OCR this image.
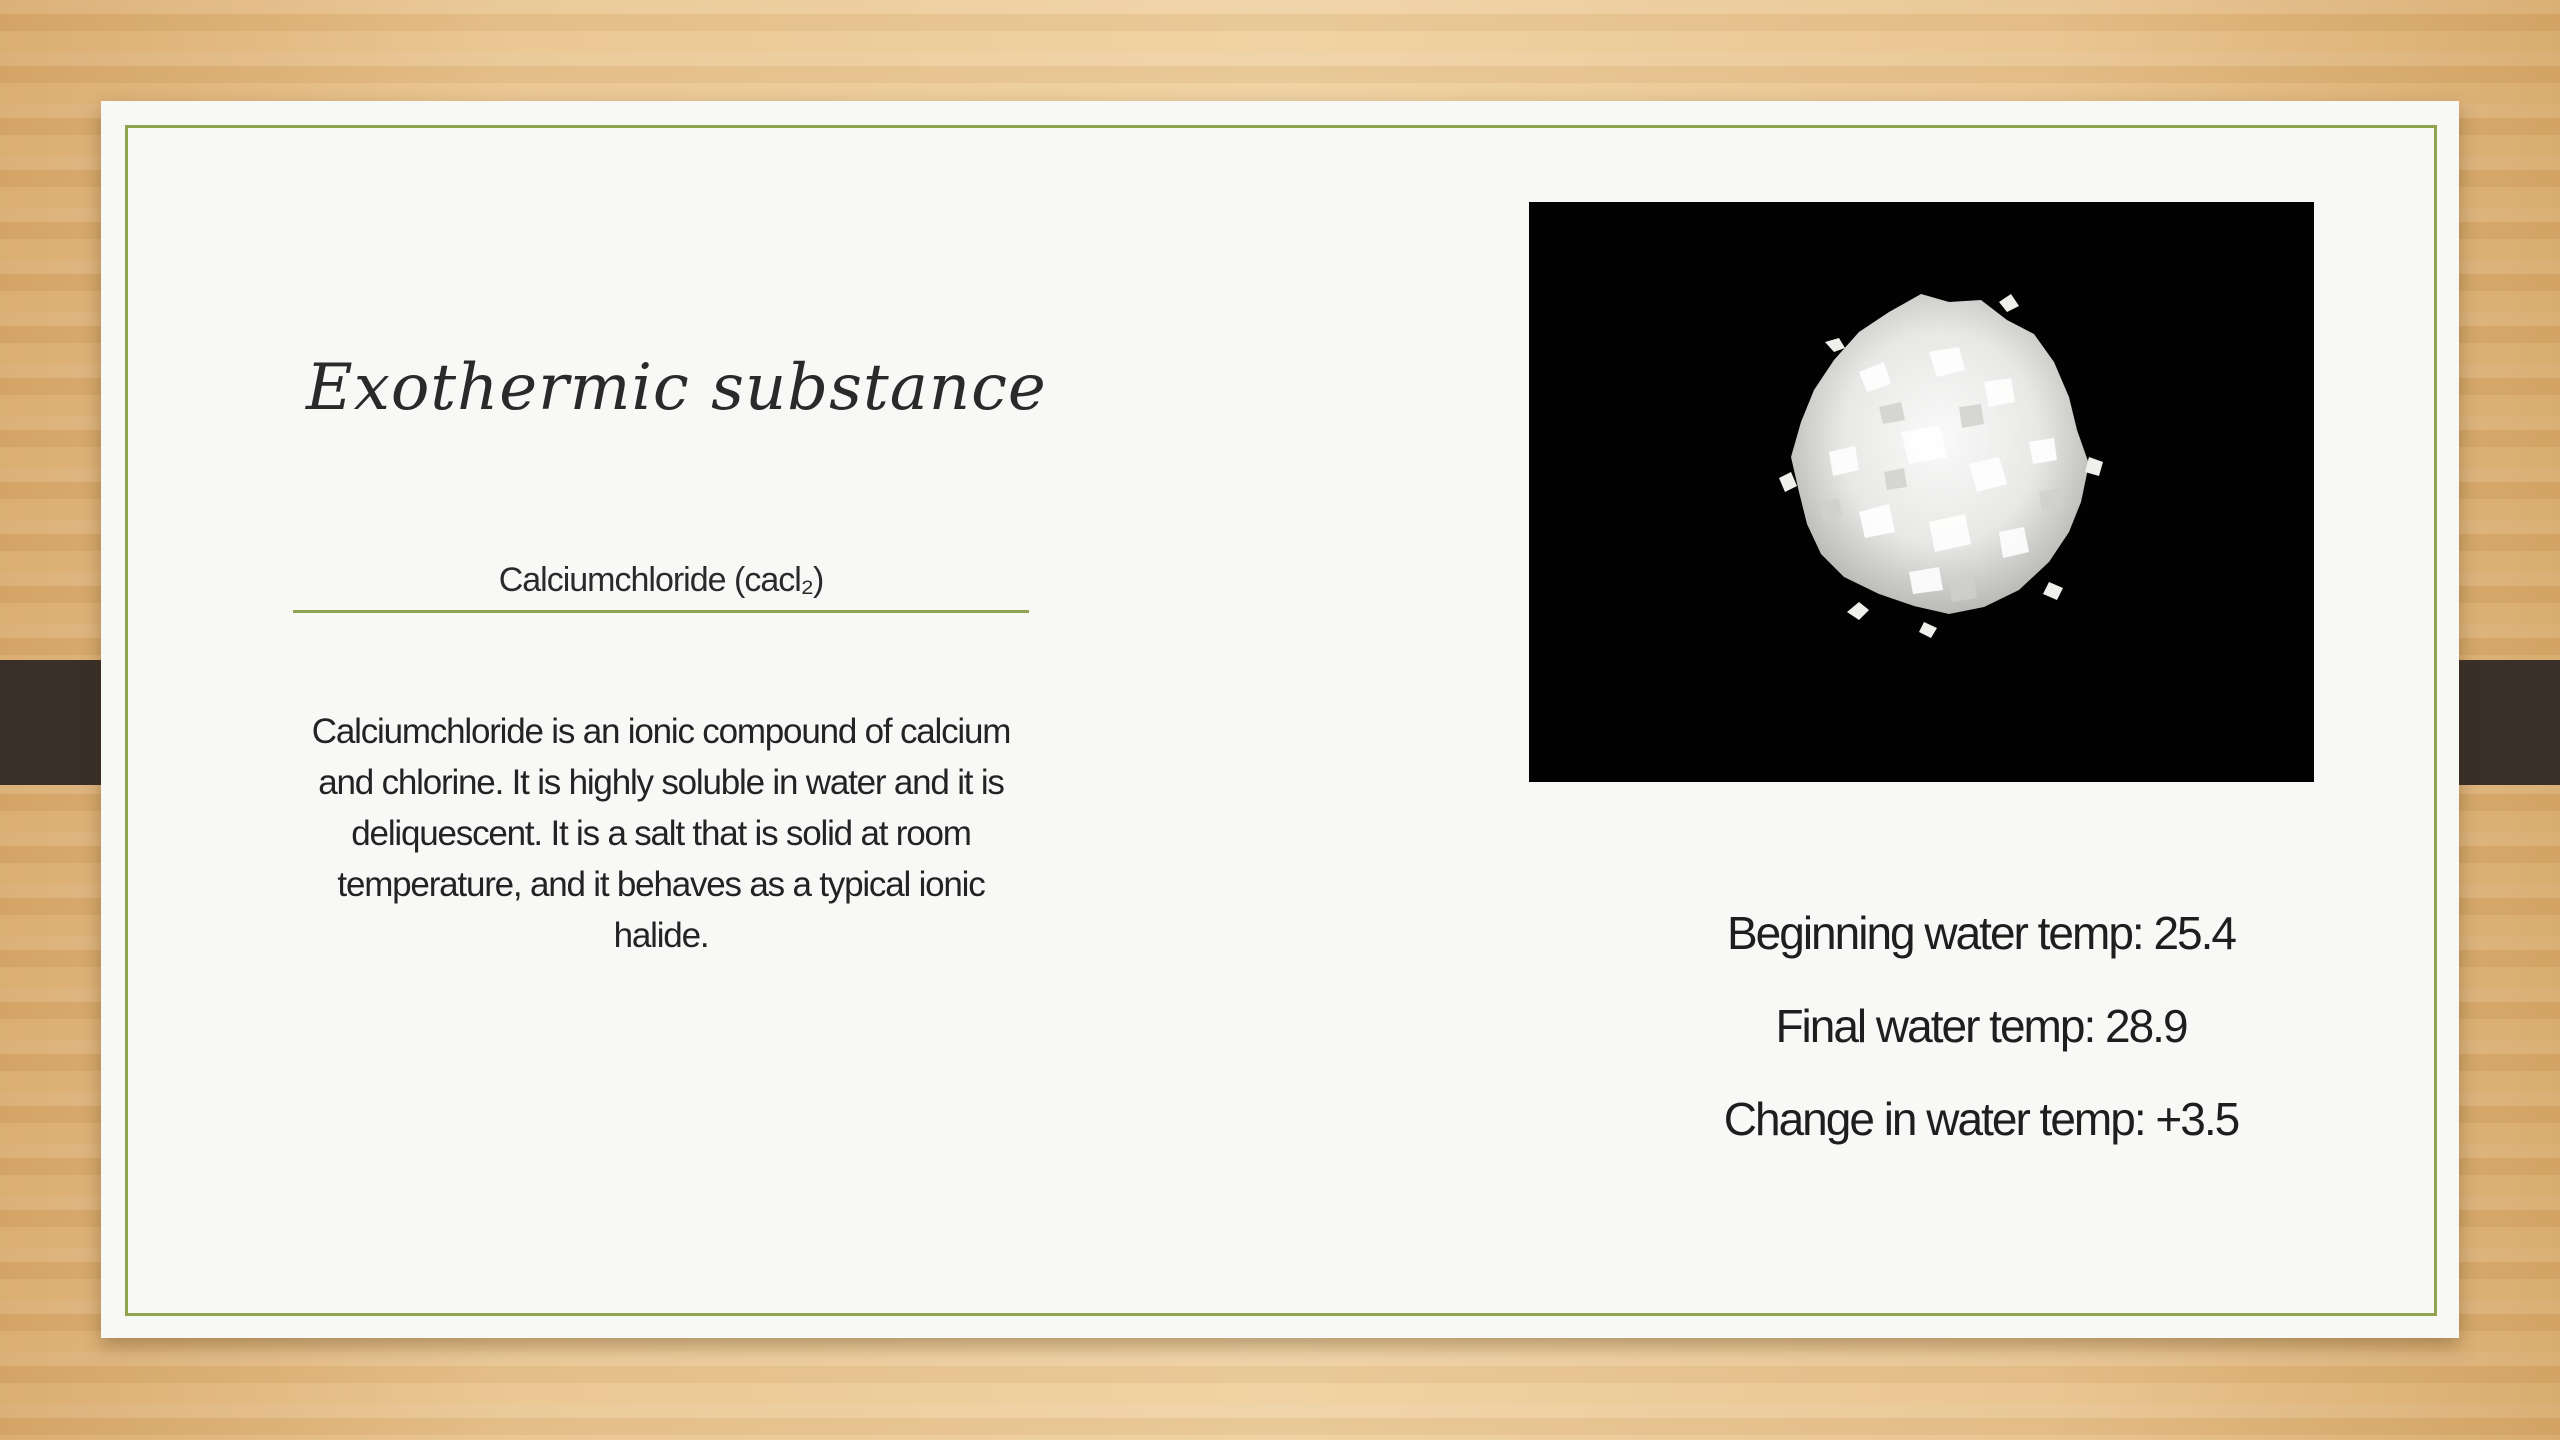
Exothermic substance
Calciumchloride (cacl₂)

Calciumchloride is an ionic compound of calcium and chlorine. It is highly soluble in water and it is deliquescent. It is a salt that is solid at room temperature, and it behaves as a typical ionic halide.	Beginning water temp: 25.4
Final water temp: 28.9
Change in water temp: +3.5
